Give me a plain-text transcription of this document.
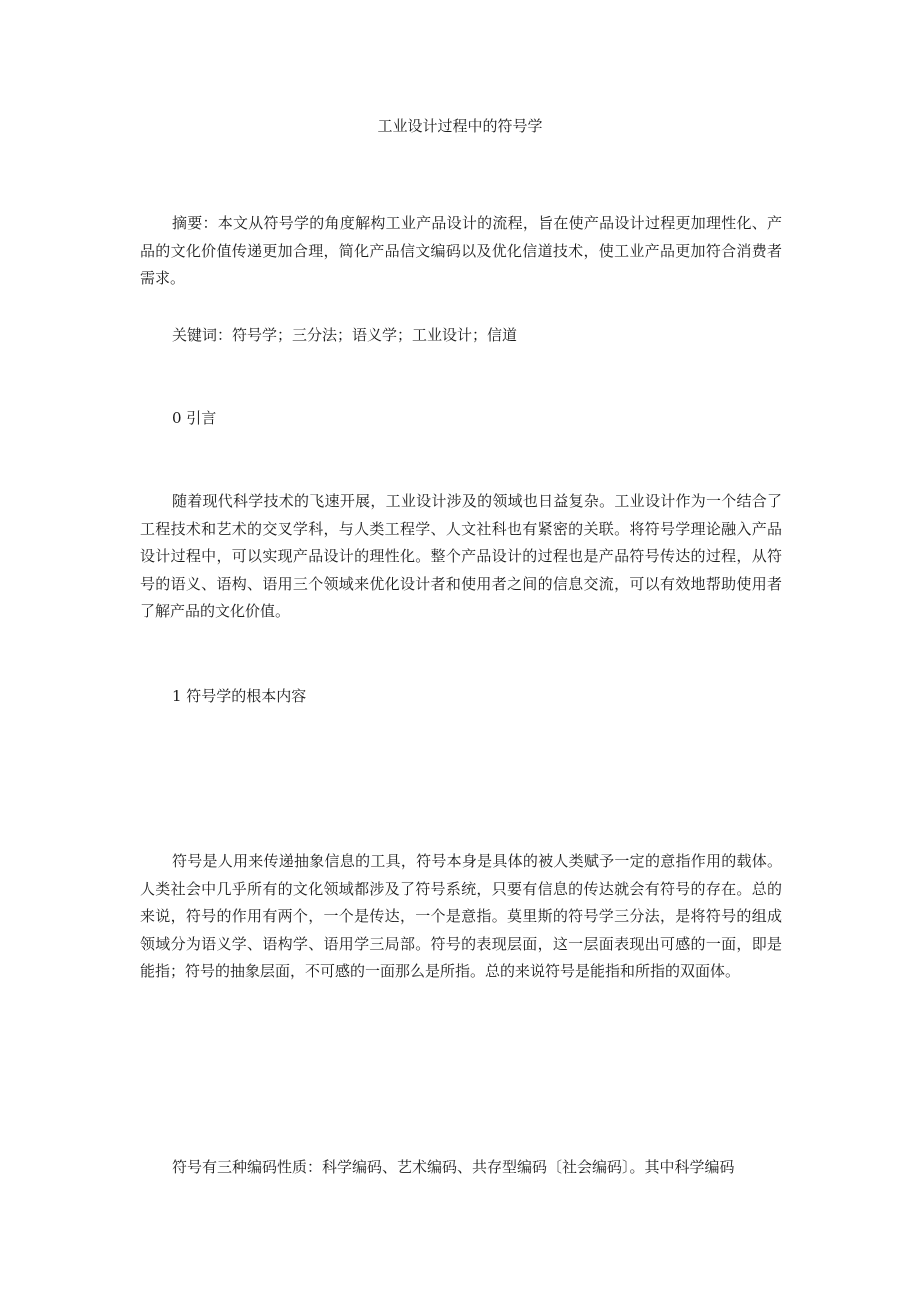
工业设计过程中的符号学

摘要：本文从符号学的角度解构工业产品设计的流程，旨在使产品设计过程更加理性化、产品的文化价值传递更加合理，简化产品信文编码以及优化信道技术，使工业产品更加符合消费者需求。

关键词：符号学；三分法；语义学；工业设计；信道

0 引言

随着现代科学技术的飞速开展，工业设计涉及的领域也日益复杂。工业设计作为一个结合了工程技术和艺术的交叉学科，与人类工程学、人文社科也有紧密的关联。将符号学理论融入产品设计过程中，可以实现产品设计的理性化。整个产品设计的过程也是产品符号传达的过程，从符号的语义、语构、语用三个领域来优化设计者和使用者之间的信息交流，可以有效地帮助使用者了解产品的文化价值。

1 符号学的根本内容

符号是人用来传递抽象信息的工具，符号本身是具体的被人类赋予一定的意指作用的载体。人类社会中几乎所有的文化领域都涉及了符号系统，只要有信息的传达就会有符号的存在。总的来说，符号的作用有两个，一个是传达，一个是意指。莫里斯的符号学三分法，是将符号的组成领域分为语义学、语构学、语用学三局部。符号的表现层面，这一层面表现出可感的一面，即是能指；符号的抽象层面，不可感的一面那么是所指。总的来说符号是能指和所指的双面体。

符号有三种编码性质：科学编码、艺术编码、共存型编码〔社会编码〕。其中科学编码
